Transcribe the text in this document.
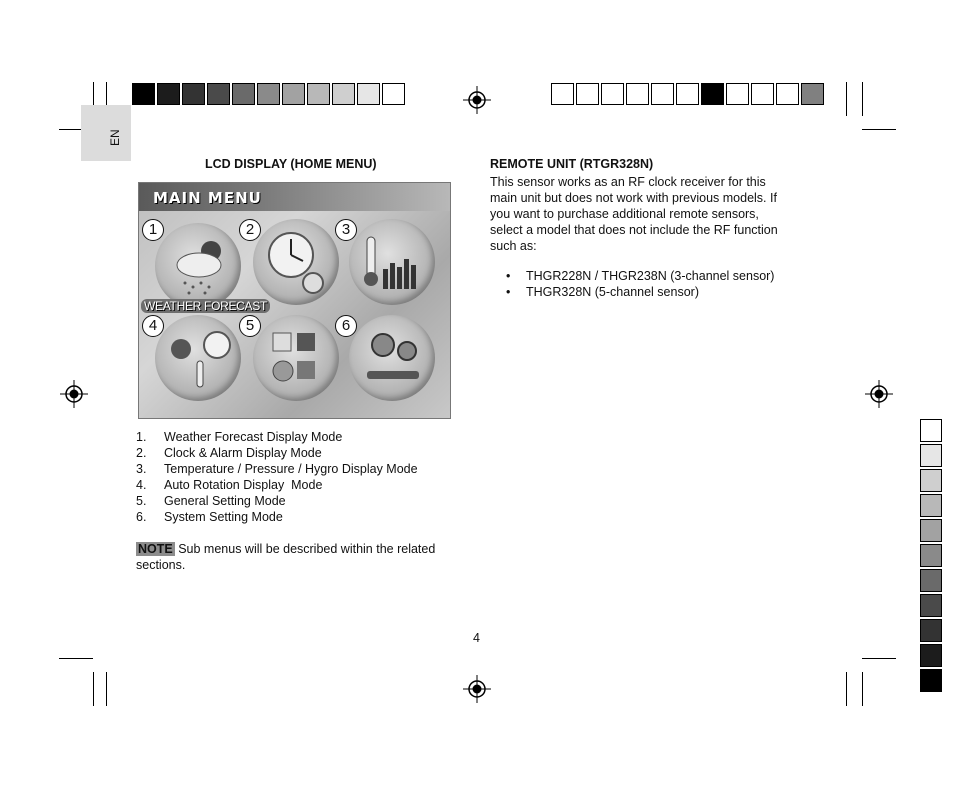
EN
LCD DISPLAY (HOME MENU)
MAIN MENU
1	2	3
4	5	6
WEATHER FORECAST
1.	Weather Forecast Display Mode
2.	Clock & Alarm Display Mode
3.	Temperature / Pressure / Hygro Display Mode
4.	Auto Rotation Display  Mode
5.	General Setting Mode
6.	System Setting Mode
NOTE Sub menus will be described within the related
sections.
REMOTE UNIT (RTGR328N)
This sensor works as an RF clock receiver for this
main unit but does not work with previous models. If
you want to purchase additional remote sensors,
select a model that does not include the RF function
such as:
•	THGR228N / THGR238N (3-channel sensor)
•	THGR328N (5-channel sensor)
4
